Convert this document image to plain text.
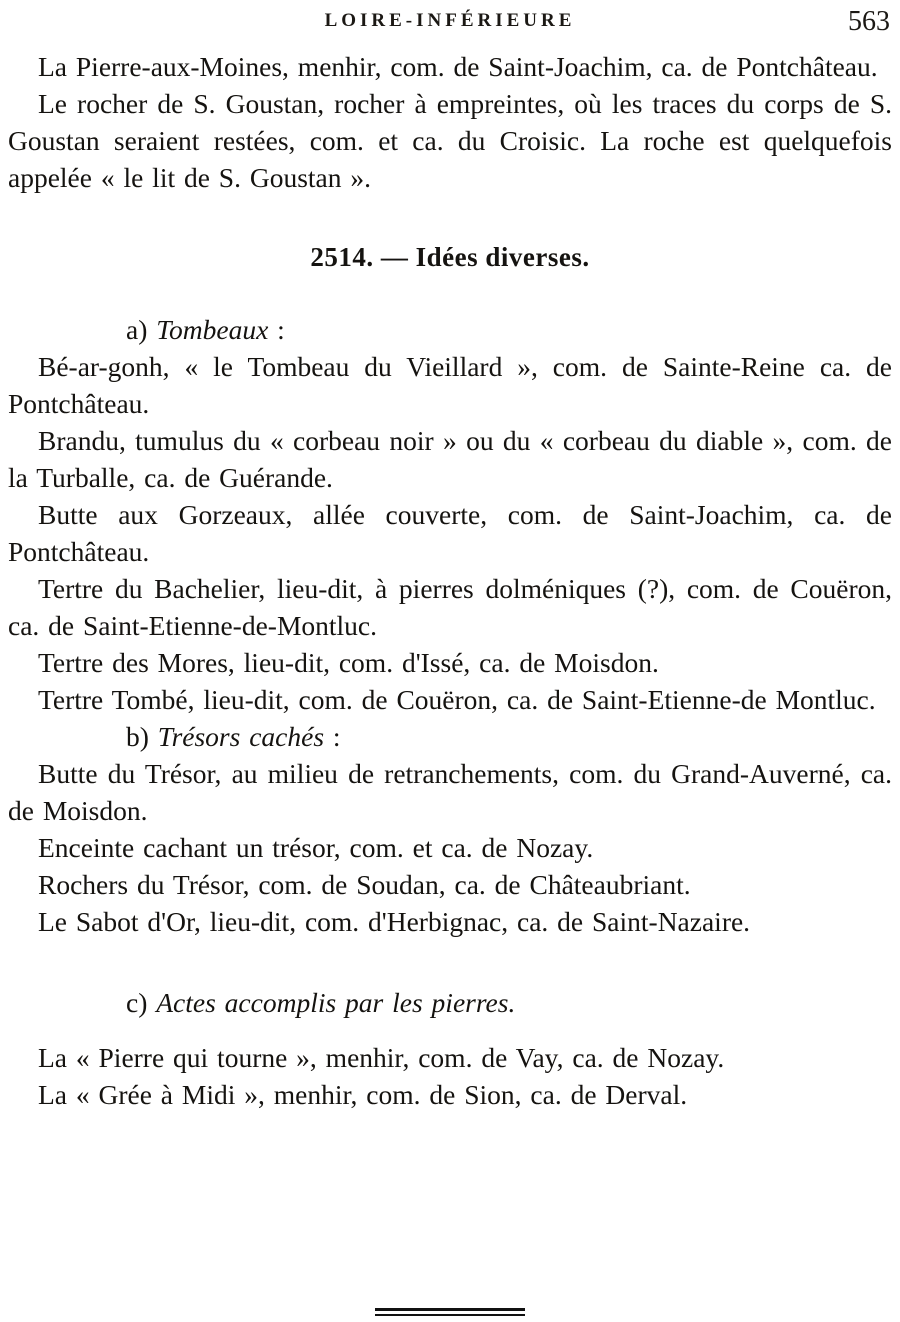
LOIRE-INFÉRIEURE	563

La Pierre-aux-Moines, menhir, com. de Saint-Joachim, ca. de Pontchâteau.

Le rocher de S. Goustan, rocher à empreintes, où les traces du corps de S. Goustan seraient restées, com. et ca. du Croisic. La roche est quelquefois appelée « le lit de S. Goustan ».

2514. — Idées diverses.

a) Tombeaux :

Bé-ar-gonh, « le Tombeau du Vieillard », com. de Sainte-Reine ca. de Pontchâteau.

Brandu, tumulus du « corbeau noir » ou du « corbeau du diable », com. de la Turballe, ca. de Guérande.

Butte aux Gorzeaux, allée couverte, com. de Saint-Joachim, ca. de Pontchâteau.

Tertre du Bachelier, lieu-dit, à pierres dolméniques (?), com. de Couëron, ca. de Saint-Etienne-de-Montluc.

Tertre des Mores, lieu-dit, com. d'Issé, ca. de Moisdon.

Tertre Tombé, lieu-dit, com. de Couëron, ca. de Saint-Etienne-de Montluc.

b) Trésors cachés :

Butte du Trésor, au milieu de retranchements, com. du Grand-Auverné, ca. de Moisdon.

Enceinte cachant un trésor, com. et ca. de Nozay.

Rochers du Trésor, com. de Soudan, ca. de Châteaubriant.

Le Sabot d'Or, lieu-dit, com. d'Herbignac, ca. de Saint-Nazaire.

c) Actes accomplis par les pierres.

La « Pierre qui tourne », menhir, com. de Vay, ca. de Nozay.

La « Grée à Midi », menhir, com. de Sion, ca. de Derval.
